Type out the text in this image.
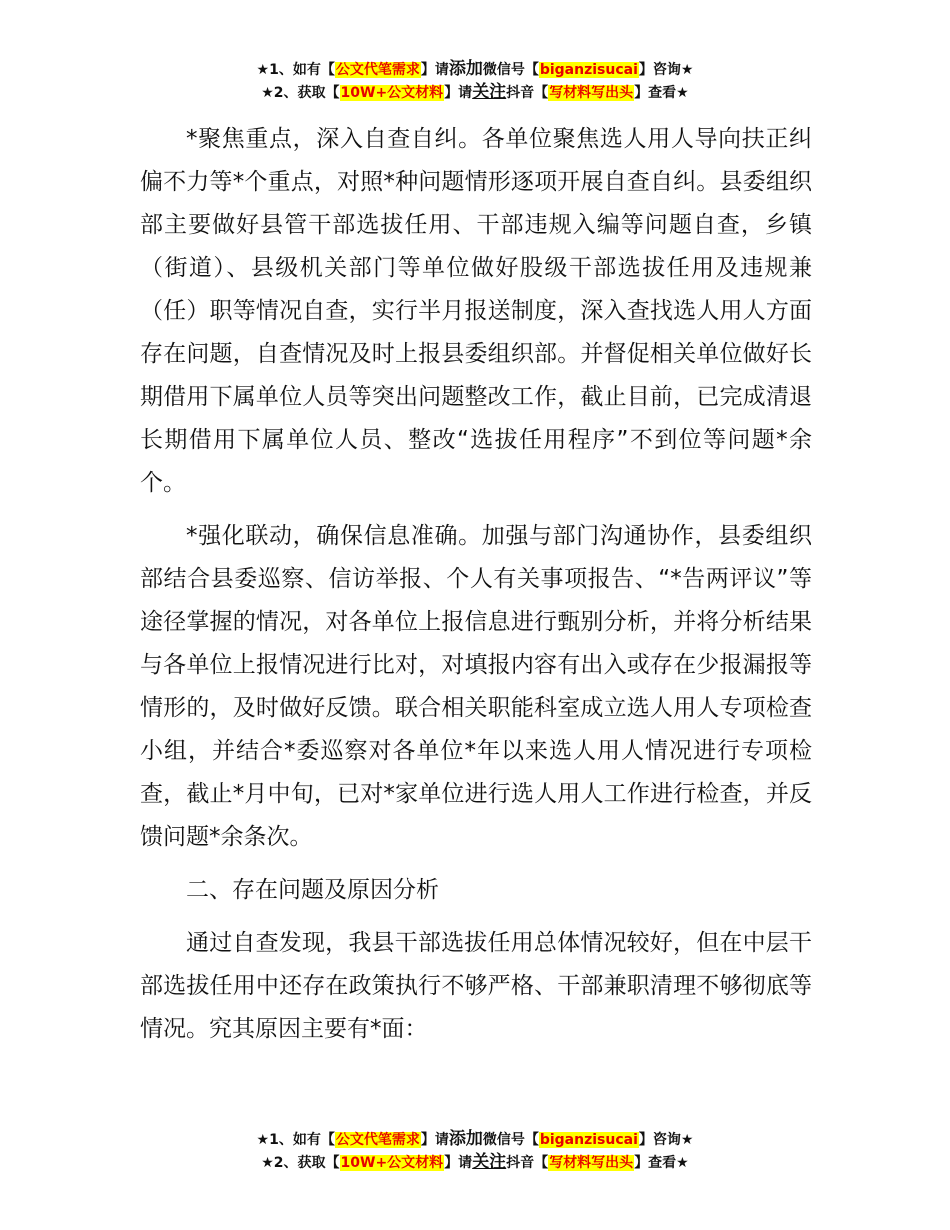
★1、如有【公文代笔需求】请添加微信号【biganzisucai】咨询★
★2、获取【10W+公文材料】请关注抖音【写材料写出头】查看★

*聚焦重点，深入自查自纠。各单位聚焦选人用人导向扶正纠偏不力等*个重点，对照*种问题情形逐项开展自查自纠。县委组织部主要做好县管干部选拔任用、干部违规入编等问题自查，乡镇（街道）、县级机关部门等单位做好股级干部选拔任用及违规兼（任）职等情况自查，实行半月报送制度，深入查找选人用人方面存在问题，自查情况及时上报县委组织部。并督促相关单位做好长期借用下属单位人员等突出问题整改工作，截止目前，已完成清退长期借用下属单位人员、整改“选拔任用程序”不到位等问题*余个。

*强化联动，确保信息准确。加强与部门沟通协作，县委组织部结合县委巡察、信访举报、个人有关事项报告、“*告两评议”等途径掌握的情况，对各单位上报信息进行甄别分析，并将分析结果与各单位上报情况进行比对，对填报内容有出入或存在少报漏报等情形的，及时做好反馈。联合相关职能科室成立选人用人专项检查小组，并结合*委巡察对各单位*年以来选人用人情况进行专项检查，截止*月中旬，已对*家单位进行选人用人工作进行检查，并反馈问题*余条次。

二、存在问题及原因分析

通过自查发现，我县干部选拔任用总体情况较好，但在中层干部选拔任用中还存在政策执行不够严格、干部兼职清理不够彻底等情况。究其原因主要有*面：

★1、如有【公文代笔需求】请添加微信号【biganzisucai】咨询★
★2、获取【10W+公文材料】请关注抖音【写材料写出头】查看★
